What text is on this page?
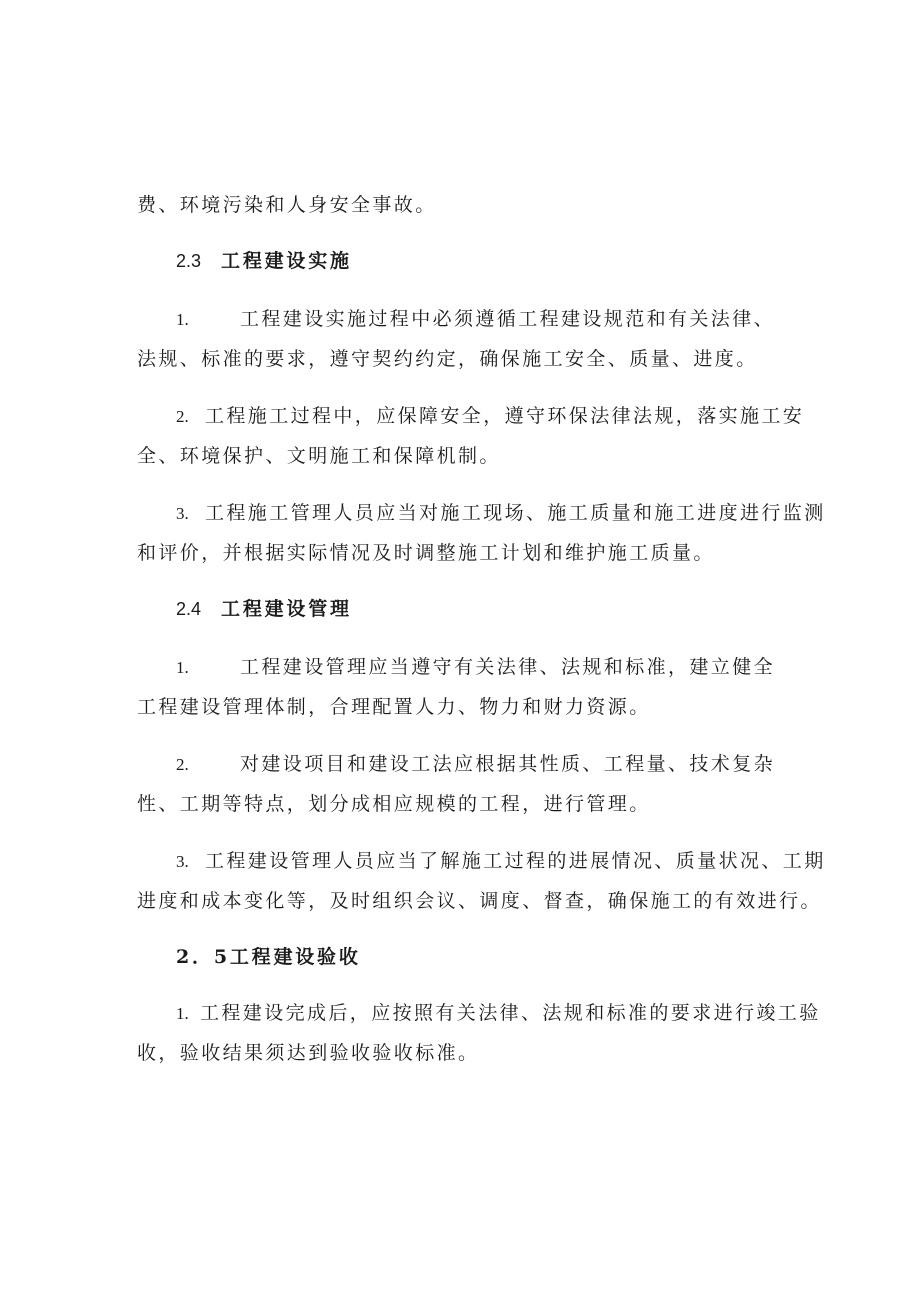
费、环境污染和人身安全事故。
2.3 工程建设实施
1.	工程建设实施过程中必须遵循工程建设规范和有关法律、
法规、标准的要求，遵守契约约定，确保施工安全、质量、进度。
2. 工程施工过程中，应保障安全，遵守环保法律法规，落实施工安
全、环境保护、文明施工和保障机制。
3. 工程施工管理人员应当对施工现场、施工质量和施工进度进行监测
和评价，并根据实际情况及时调整施工计划和维护施工质量。
2.4 工程建设管理
1.	工程建设管理应当遵守有关法律、法规和标准，建立健全
工程建设管理体制，合理配置人力、物力和财力资源。
2.	对建设项目和建设工法应根据其性质、工程量、技术复杂
性、工期等特点，划分成相应规模的工程，进行管理。
3. 工程建设管理人员应当了解施工过程的进展情况、质量状况、工期
进度和成本变化等，及时组织会议、调度、督查，确保施工的有效进行。
2．5工程建设验收
1. 工程建设完成后，应按照有关法律、法规和标准的要求进行竣工验
收，验收结果须达到验收验收标准。
